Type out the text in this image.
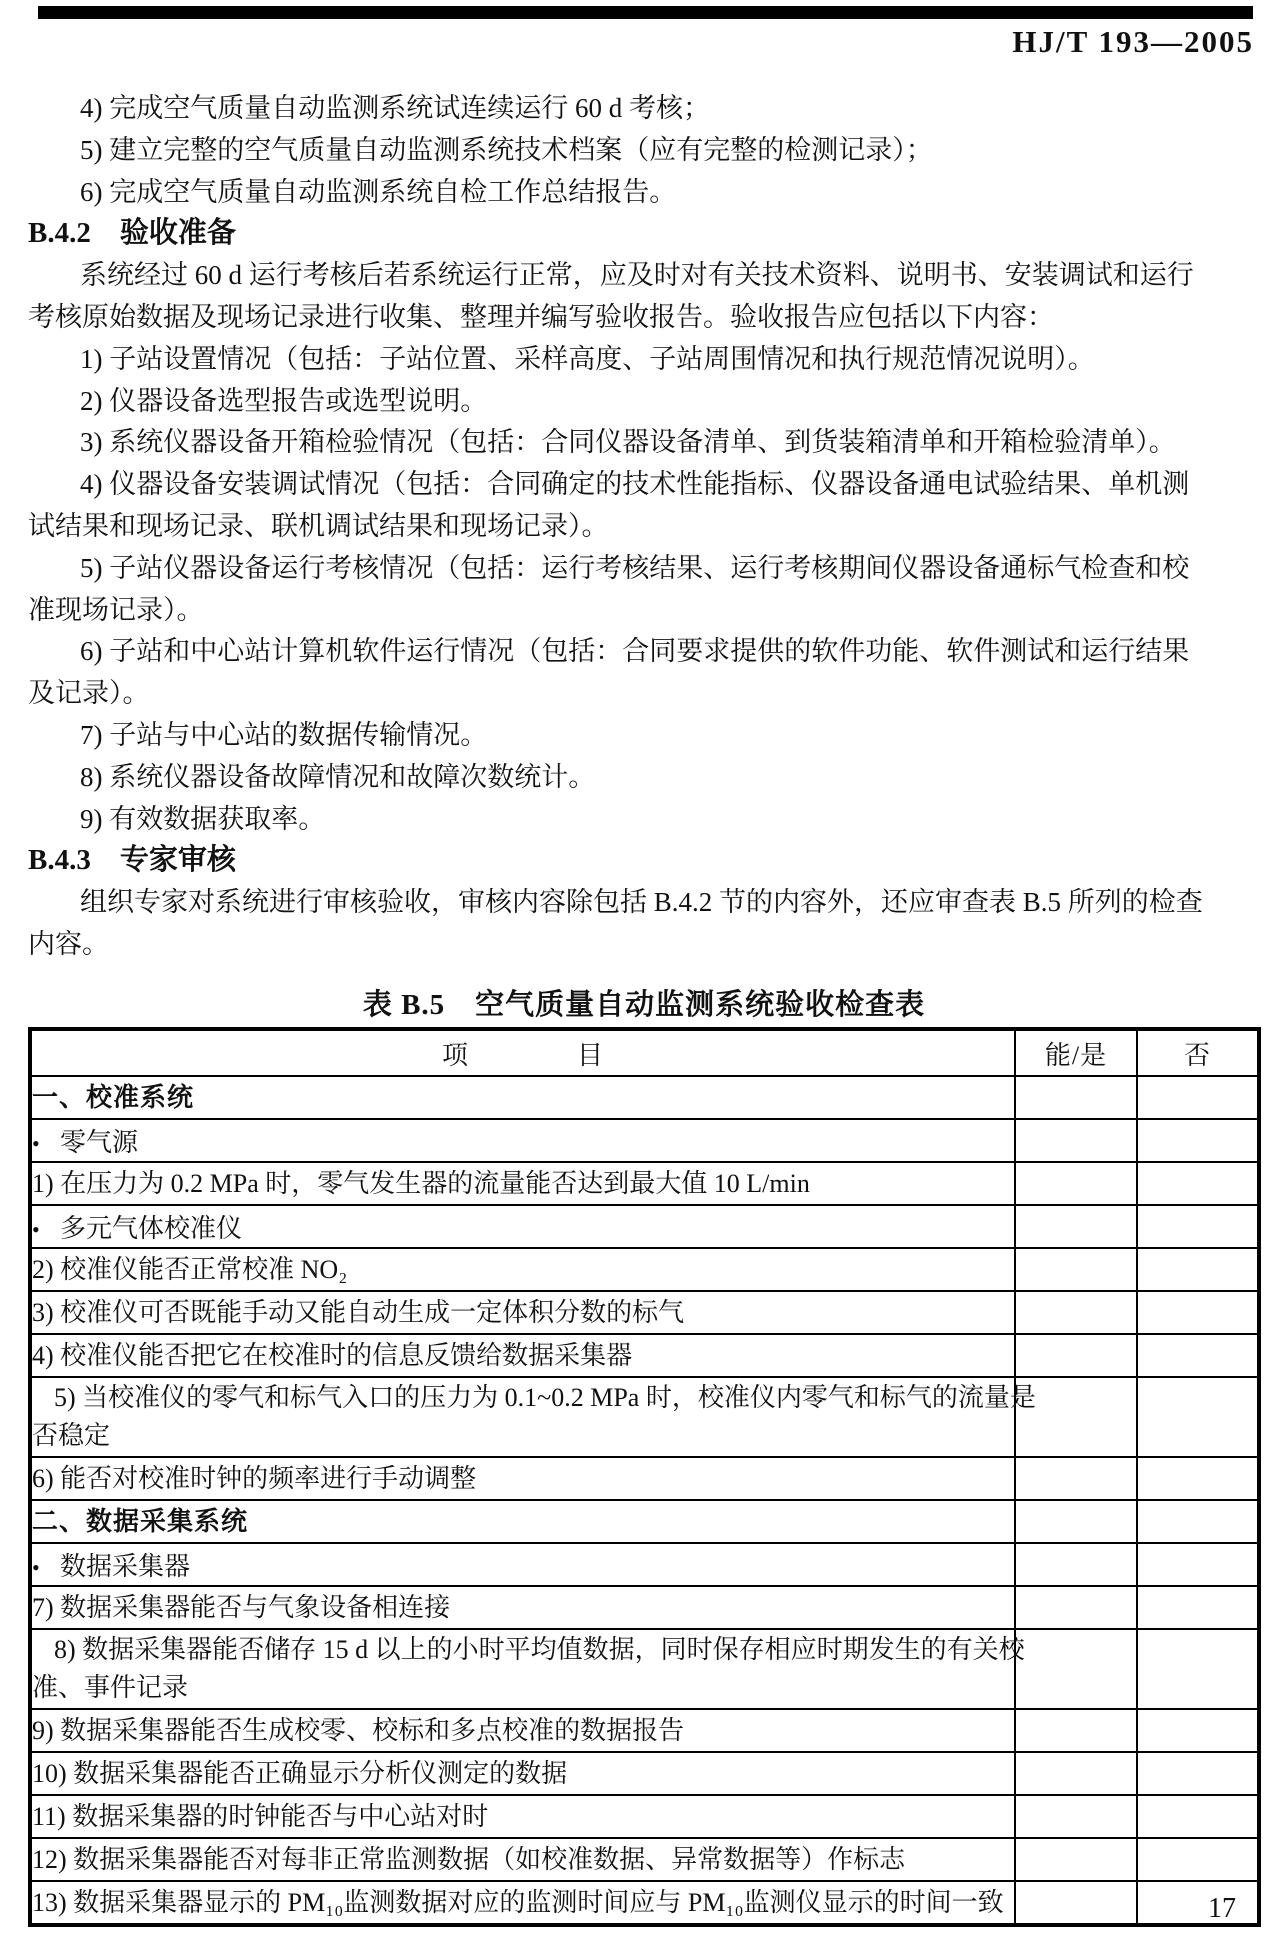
HJ/T 193—2005

4) 完成空气质量自动监测系统试连续运行 60 d 考核；

5) 建立完整的空气质量自动监测系统技术档案（应有完整的检测记录）；

6) 完成空气质量自动监测系统自检工作总结报告。

B.4.2　验收准备

系统经过 60 d 运行考核后若系统运行正常，应及时对有关技术资料、说明书、安装调试和运行

考核原始数据及现场记录进行收集、整理并编写验收报告。验收报告应包括以下内容：

1) 子站设置情况（包括：子站位置、采样高度、子站周围情况和执行规范情况说明）。

2) 仪器设备选型报告或选型说明。

3) 系统仪器设备开箱检验情况（包括：合同仪器设备清单、到货装箱清单和开箱检验清单）。

4) 仪器设备安装调试情况（包括：合同确定的技术性能指标、仪器设备通电试验结果、单机测

试结果和现场记录、联机调试结果和现场记录）。

5) 子站仪器设备运行考核情况（包括：运行考核结果、运行考核期间仪器设备通标气检查和校

准现场记录）。

6) 子站和中心站计算机软件运行情况（包括：合同要求提供的软件功能、软件测试和运行结果

及记录）。

7) 子站与中心站的数据传输情况。

8) 系统仪器设备故障情况和故障次数统计。

9) 有效数据获取率。

B.4.3　专家审核

组织专家对系统进行审核验收，审核内容除包括 B.4.2 节的内容外，还应审查表 B.5 所列的检查

内容。

表 B.5　空气质量自动监测系统验收检查表
项　　　　目	能/是	否

一、校准系统		

• 零气源		

1) 在压力为 0.2 MPa 时，零气发生器的流量能否达到最大值 10 L/min		

• 多元气体校准仪		

2) 校准仪能否正常校准 NO₂		

3) 校准仪可否既能手动又能自动生成一定体积分数的标气		

4) 校准仪能否把它在校准时的信息反馈给数据采集器		

5) 当校准仪的零气和标气入口的压力为 0.1~0.2 MPa 时，校准仪内零气和标气的流量是
否稳定		

6) 能否对校准时钟的频率进行手动调整		

二、数据采集系统		

• 数据采集器		

7) 数据采集器能否与气象设备相连接		

8) 数据采集器能否储存 15 d 以上的小时平均值数据，同时保存相应时期发生的有关校
准、事件记录		

9) 数据采集器能否生成校零、校标和多点校准的数据报告		

10) 数据采集器能否正确显示分析仪测定的数据		

11) 数据采集器的时钟能否与中心站对时		

12) 数据采集器能否对每非正常监测数据（如校准数据、异常数据等）作标志		

13) 数据采集器显示的 PM₁₀监测数据对应的监测时间应与 PM₁₀监测仪显示的时间一致		
			17
